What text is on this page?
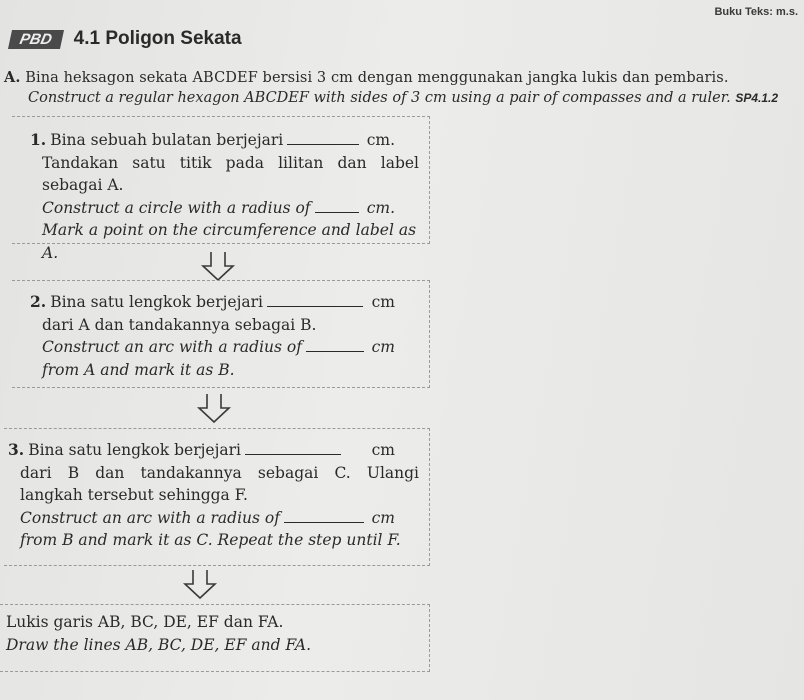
Buku Teks: m.s.
PBD	4.1 Poligon Sekata
A. Bina heksagon sekata ABCDEF bersisi 3 cm dengan menggunakan jangka lukis dan pembaris.
Construct a regular hexagon ABCDEF with sides of 3 cm using a pair of compasses and a ruler. SP4.1.2
1. Bina sebuah bulatan berjejari	cm.
Tandakan satu titik pada lilitan dan label sebagai A.
Construct a circle with a radius of	cm.
Mark a point on the circumference and label as A.
2. Bina satu lengkok berjejari	cm
dari A dan tandakannya sebagai B.
Construct an arc with a radius of	cm
from A and mark it as B.
3. Bina satu lengkok berjejari	cm
dari B dan tandakannya sebagai C. Ulangi langkah tersebut sehingga F.
Construct an arc with a radius of	cm
from B and mark it as C. Repeat the step until F.
Lukis garis AB, BC, DE, EF dan FA.
Draw the lines AB, BC, DE, EF and FA.
